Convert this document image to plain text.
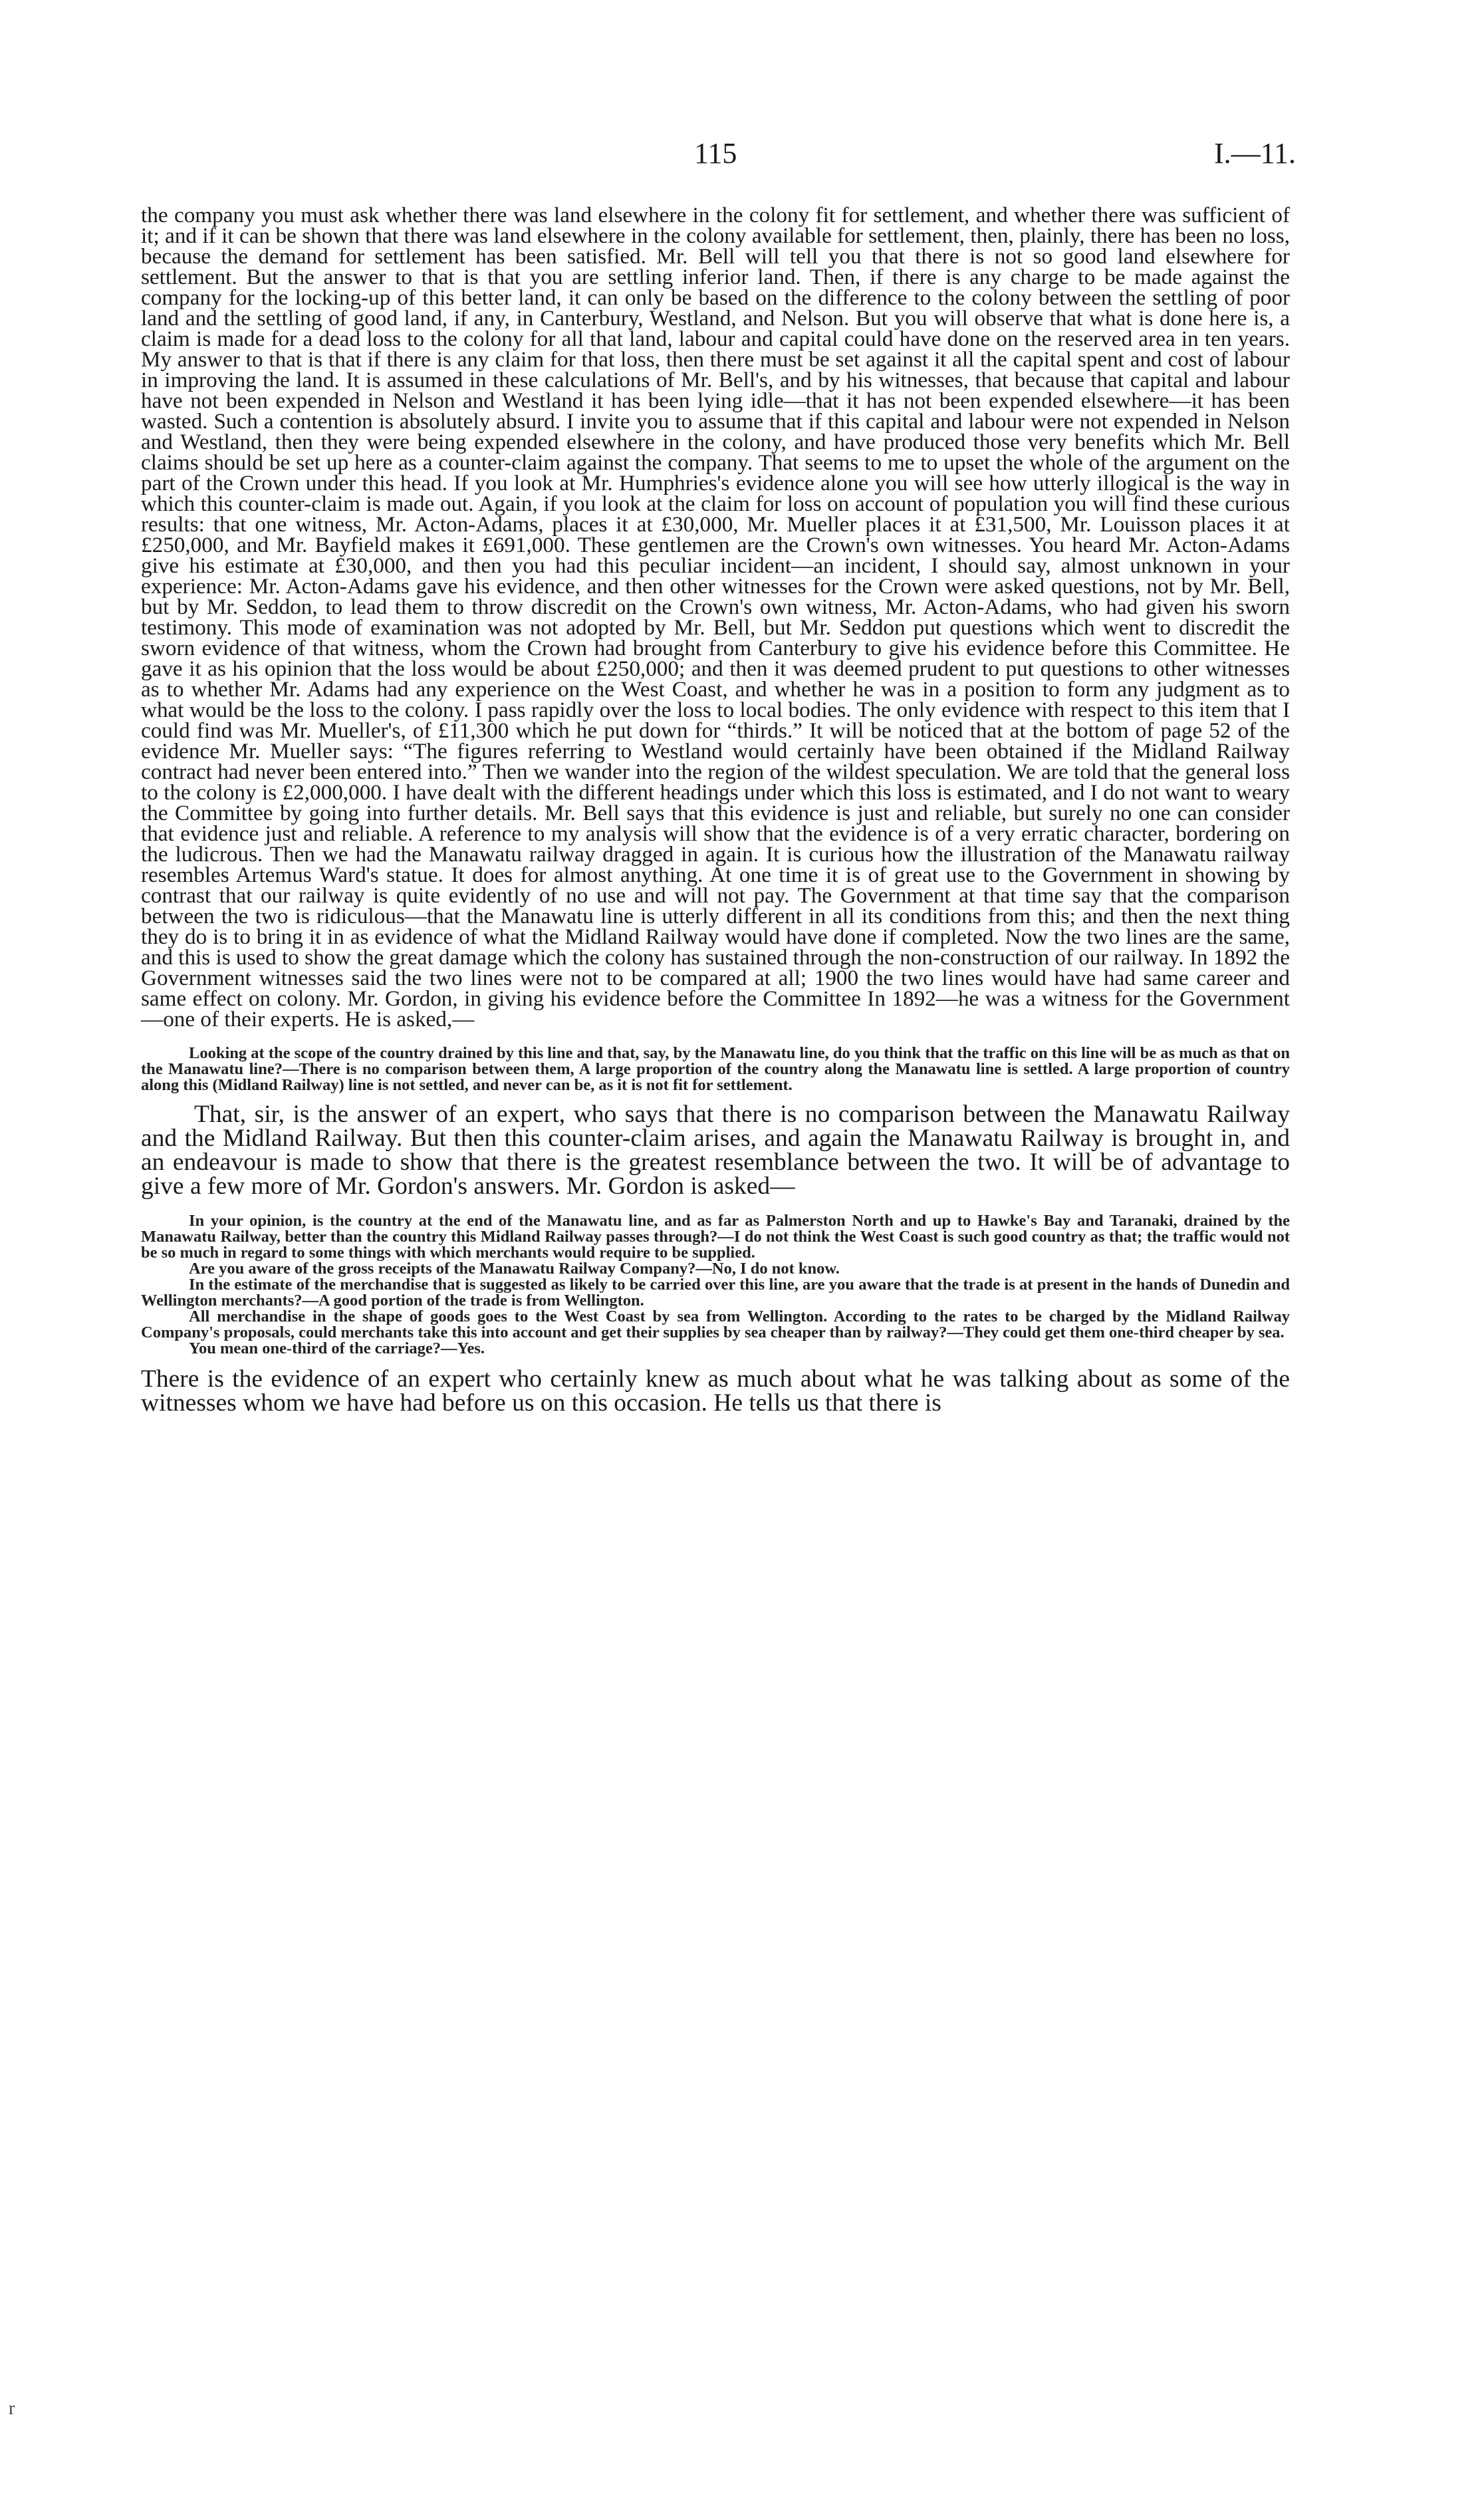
115	I.—11.

the company you must ask whether there was land elsewhere in the colony fit for settlement, and whether there was sufficient of it; and if it can be shown that there was land elsewhere in the colony available for settlement, then, plainly, there has been no loss, because the demand for settlement has been satisfied. Mr. Bell will tell you that there is not so good land elsewhere for settlement. But the answer to that is that you are settling inferior land. Then, if there is any charge to be made against the company for the locking-up of this better land, it can only be based on the difference to the colony between the settling of poor land and the settling of good land, if any, in Canterbury, Westland, and Nelson. But you will observe that what is done here is, a claim is made for a dead loss to the colony for all that land, labour and capital could have done on the reserved area in ten years. My answer to that is that if there is any claim for that loss, then there must be set against it all the capital spent and cost of labour in improving the land. It is assumed in these calculations of Mr. Bell's, and by his witnesses, that because that capital and labour have not been expended in Nelson and Westland it has been lying idle—that it has not been expended elsewhere—it has been wasted. Such a contention is absolutely absurd. I invite you to assume that if this capital and labour were not expended in Nelson and Westland, then they were being expended elsewhere in the colony, and have produced those very benefits which Mr. Bell claims should be set up here as a counter-claim against the company. That seems to me to upset the whole of the argument on the part of the Crown under this head. If you look at Mr. Humphries's evidence alone you will see how utterly illogical is the way in which this counter-claim is made out. Again, if you look at the claim for loss on account of population you will find these curious results: that one witness, Mr. Acton-Adams, places it at £30,000, Mr. Mueller places it at £31,500, Mr. Louisson places it at £250,000, and Mr. Bayfield makes it £691,000. These gentlemen are the Crown's own witnesses. You heard Mr. Acton-Adams give his estimate at £30,000, and then you had this peculiar incident—an incident, I should say, almost unknown in your experience: Mr. Acton-Adams gave his evidence, and then other witnesses for the Crown were asked questions, not by Mr. Bell, but by Mr. Seddon, to lead them to throw discredit on the Crown's own witness, Mr. Acton-Adams, who had given his sworn testimony. This mode of examination was not adopted by Mr. Bell, but Mr. Seddon put questions which went to discredit the sworn evidence of that witness, whom the Crown had brought from Canterbury to give his evidence before this Committee. He gave it as his opinion that the loss would be about £250,000; and then it was deemed prudent to put questions to other witnesses as to whether Mr. Adams had any experience on the West Coast, and whether he was in a position to form any judgment as to what would be the loss to the colony. I pass rapidly over the loss to local bodies. The only evidence with respect to this item that I could find was Mr. Mueller's, of £11,300 which he put down for “thirds.” It will be noticed that at the bottom of page 52 of the evidence Mr. Mueller says: “The figures referring to Westland would certainly have been obtained if the Midland Railway contract had never been entered into.” Then we wander into the region of the wildest speculation. We are told that the general loss to the colony is £2,000,000. I have dealt with the different headings under which this loss is estimated, and I do not want to weary the Committee by going into further details. Mr. Bell says that this evidence is just and reliable, but surely no one can consider that evidence just and reliable. A reference to my analysis will show that the evidence is of a very erratic character, bordering on the ludicrous. Then we had the Manawatu railway dragged in again. It is curious how the illustration of the Manawatu railway resembles Artemus Ward's statue. It does for almost anything. At one time it is of great use to the Government in showing by contrast that our railway is quite evidently of no use and will not pay. The Government at that time say that the comparison between the two is ridiculous—that the Manawatu line is utterly different in all its conditions from this; and then the next thing they do is to bring it in as evidence of what the Midland Railway would have done if completed. Now the two lines are the same, and this is used to show the great damage which the colony has sustained through the non-construction of our railway. In 1892 the Government witnesses said the two lines were not to be compared at all; 1900 the two lines would have had same career and same effect on colony. Mr. Gordon, in giving his evidence before the Committee In 1892—he was a witness for the Government—one of their experts. He is asked,—

Looking at the scope of the country drained by this line and that, say, by the Manawatu line, do you think that the traffic on this line will be as much as that on the Manawatu line?—There is no comparison between them, A large proportion of the country along the Manawatu line is settled. A large proportion of country along this (Midland Railway) line is not settled, and never can be, as it is not fit for settlement.

That, sir, is the answer of an expert, who says that there is no comparison between the Manawatu Railway and the Midland Railway. But then this counter-claim arises, and again the Manawatu Railway is brought in, and an endeavour is made to show that there is the greatest resemblance between the two. It will be of advantage to give a few more of Mr. Gordon's answers. Mr. Gordon is asked—

In your opinion, is the country at the end of the Manawatu line, and as far as Palmerston North and up to Hawke's Bay and Taranaki, drained by the Manawatu Railway, better than the country this Midland Railway passes through?—I do not think the West Coast is such good country as that; the traffic would not be so much in regard to some things with which merchants would require to be supplied.

Are you aware of the gross receipts of the Manawatu Railway Company?—No, I do not know.

In the estimate of the merchandise that is suggested as likely to be carried over this line, are you aware that the trade is at present in the hands of Dunedin and Wellington merchants?—A good portion of the trade is from Wellington.

All merchandise in the shape of goods goes to the West Coast by sea from Wellington. According to the rates to be charged by the Midland Railway Company's proposals, could merchants take this into account and get their supplies by sea cheaper than by railway?—They could get them one-third cheaper by sea.

You mean one-third of the carriage?—Yes.

There is the evidence of an expert who certainly knew as much about what he was talking about as some of the witnesses whom we have had before us on this occasion. He tells us that there is

r
